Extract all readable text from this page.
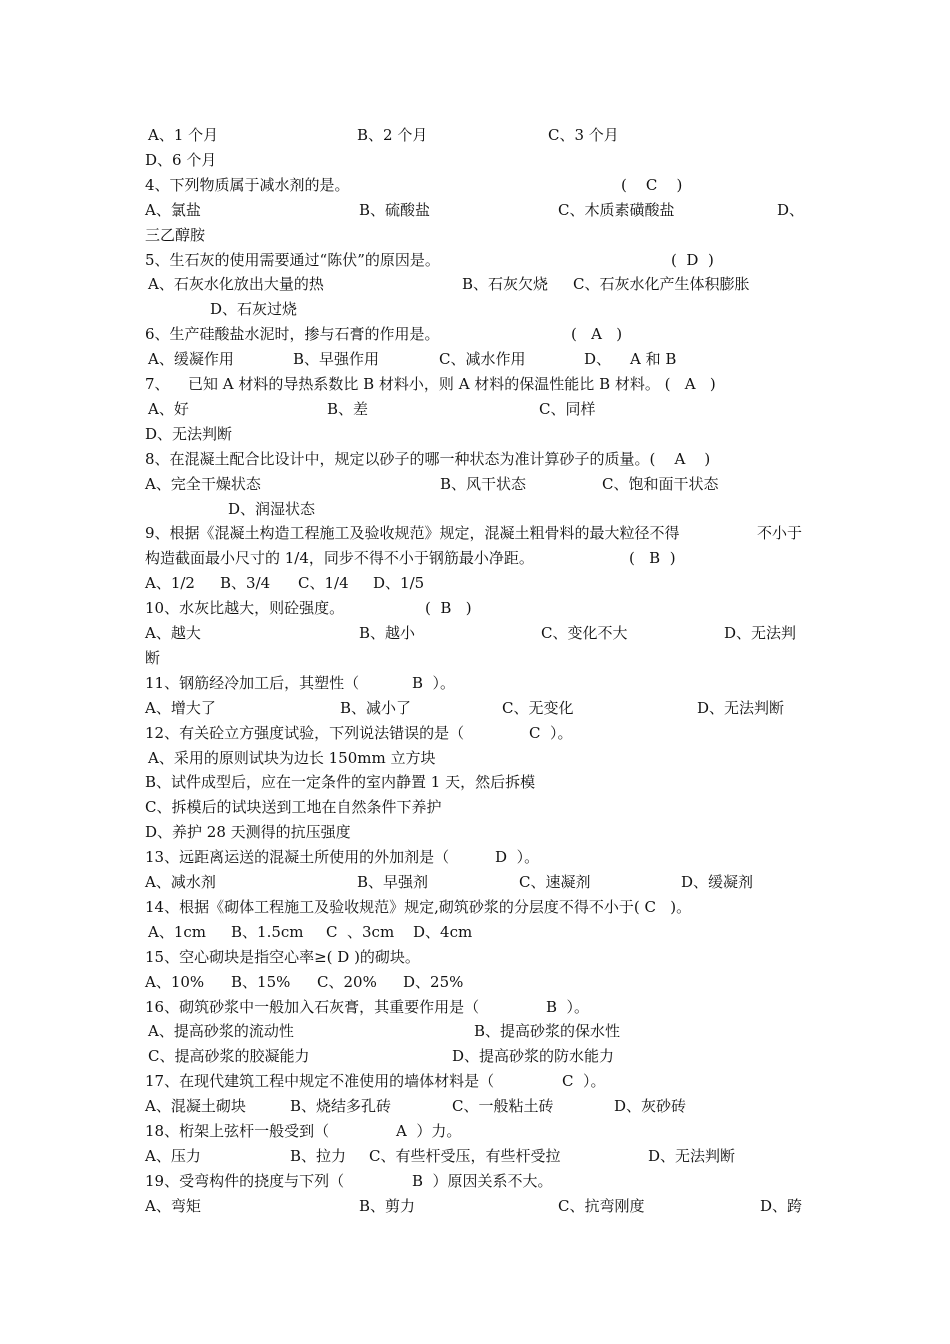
A、1 个月	B、2 个月	C、3 个月
D、6 个月
4、下列物质属于减水剂的是。	(    C    )
A、氯盐	B、硫酸盐	C、木质素磺酸盐	D、
三乙醇胺
5、生石灰的使用需要通过“陈伏”的原因是。	(  D  )
A、石灰水化放出大量的热	B、石灰欠烧 C、石灰水化产生体积膨胀
D、石灰过烧
6、生产硅酸盐水泥时，掺与石膏的作用是。	(   A   )
A、缓凝作用	B、早强作用	C、减水作用	D、 A 和 B
7、 已知 A 材料的导热系数比 B 材料小，则 A 材料的保温性能比 B 材料。 (   A   )
A、好	B、差	C、同样
D、无法判断
8、在混凝土配合比设计中，规定以砂子的哪一种状态为准计算砂子的质量。(    A    )
A、完全干燥状态	B、风干状态	C、饱和面干状态
D、润湿状态
9、根据《混凝土构造工程施工及验收规范》规定，混凝土粗骨料的最大粒径不得	不小于
构造截面最小尺寸的 1/4，同步不得不小于钢筋最小净距。	(   B  )
A、1/2 B、3/4 C、1/4 D、1/5
10、水灰比越大，则砼强度。	(  B   )
A、越大	B、越小	C、变化不大	D、无法判
断
11、钢筋经冷加工后，其塑性（	B  ）。
A、增大了	B、减小了	C、无变化	D、无法判断
12、有关砼立方强度试验，下列说法错误的是（	C  ）。
A、采用的原则试块为边长 150mm 立方块
B、试件成型后，应在一定条件的室内静置 1 天，然后拆模
C、拆模后的试块送到工地在自然条件下养护
D、养护 28 天测得的抗压强度
13、远距离运送的混凝土所使用的外加剂是（	D  ）。
A、减水剂	B、早强剂	C、速凝剂	D、缓凝剂
14、根据《砌体工程施工及验收规范》规定,砌筑砂浆的分层度不得不小于( C   )。
A、1cm B、1.5cm C  、3cm D、4cm
15、空心砌块是指空心率≥( D )的砌块。
A、10% B、15% C、20% D、25%
16、砌筑砂浆中一般加入石灰膏，其重要作用是（	B  ）。
A、提高砂浆的流动性	B、提高砂浆的保水性
C、提高砂浆的胶凝能力	D、提高砂浆的防水能力
17、在现代建筑工程中规定不准使用的墙体材料是（	C  ）。
A、混凝土砌块	B、烧结多孔砖	C、一般粘土砖	D、灰砂砖
18、桁架上弦杆一般受到（	A  ）力。
A、压力	B、拉力 C、有些杆受压，有些杆受拉	D、无法判断
19、受弯构件的挠度与下列（	B  ）原因关系不大。
A、弯矩	B、剪力	C、抗弯刚度	D、跨
